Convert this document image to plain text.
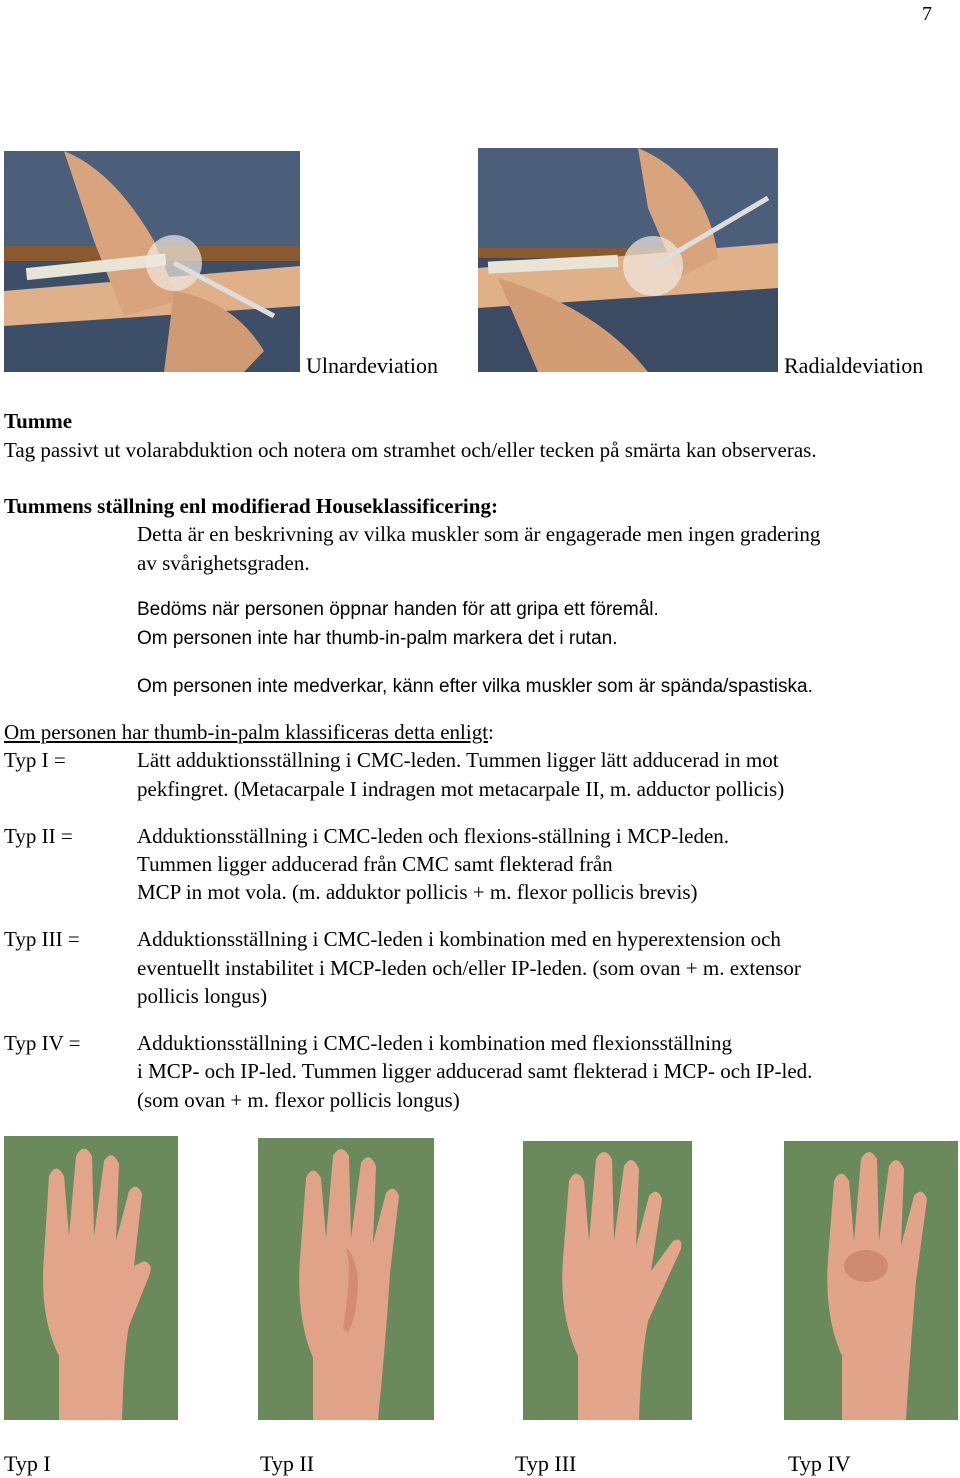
7
Ulnardeviation	Radialdeviation
Tumme
Tag passivt ut volarabduktion och notera om stramhet och/eller tecken på smärta kan observeras.
Tummens ställning enl modifierad Houseklassificering:
Detta är en beskrivning av vilka muskler som är engagerade men ingen gradering
av svårighetsgraden.
Bedöms när personen öppnar handen för att gripa ett föremål.
Om personen inte har thumb-in-palm markera det i rutan.
Om personen inte medverkar, känn efter vilka muskler som är spända/spastiska.
Om personen har thumb-in-palm klassificeras detta enligt:
Typ I =	Lätt adduktionsställning i CMC-leden. Tummen ligger lätt adducerad in mot
pekfingret. (Metacarpale I indragen mot metacarpale II, m. adductor pollicis)
Typ II =	Adduktionsställning i CMC-leden och flexions-ställning i MCP-leden.
Tummen ligger adducerad från CMC samt flekterad från
MCP in mot vola. (m. adduktor pollicis + m. flexor pollicis brevis)
Typ III =	Adduktionsställning i CMC-leden i kombination med en hyperextension och
eventuellt instabilitet i MCP-leden och/eller IP-leden. (som ovan + m. extensor
pollicis longus)
Typ IV =	Adduktionsställning i CMC-leden i kombination med flexionsställning
i MCP- och IP-led. Tummen ligger adducerad samt flekterad i MCP- och IP-led.
(som ovan + m. flexor pollicis longus)
Typ I	Typ II	Typ III	Typ IV
